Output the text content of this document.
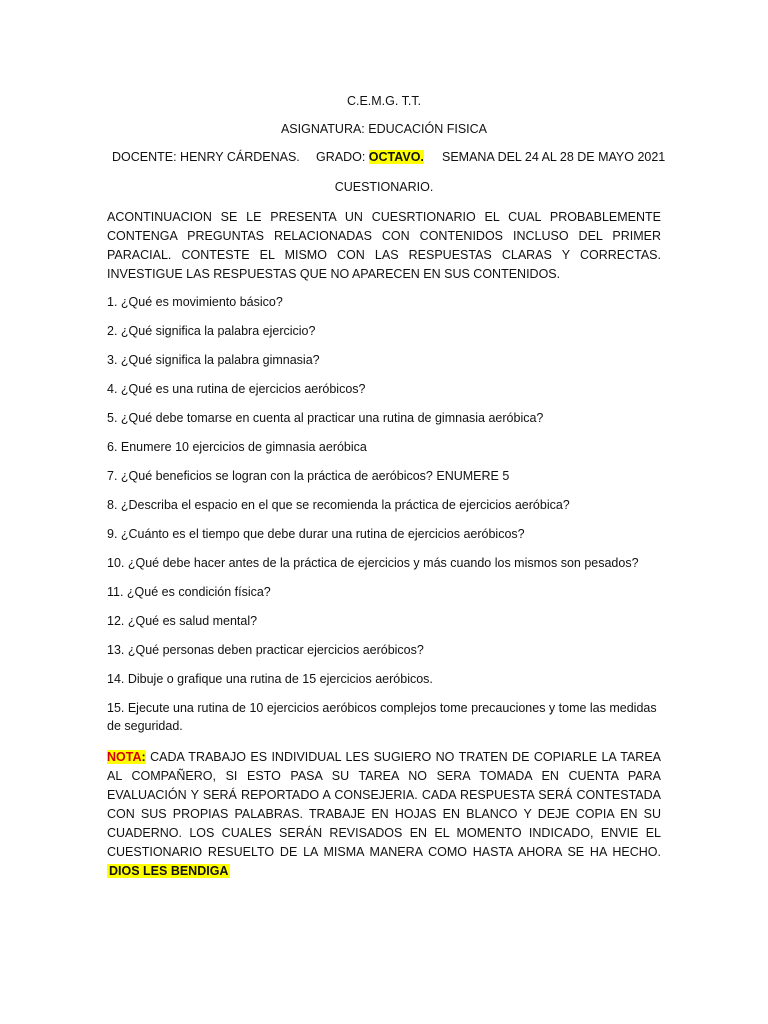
C.E.M.G. T.T.
ASIGNATURA: EDUCACIÓN FISICA
DOCENTE: HENRY CÁRDENAS. GRADO: OCTAVO. SEMANA DEL 24 AL 28 DE MAYO 2021
CUESTIONARIO.

ACONTINUACION SE LE PRESENTA UN CUESRTIONARIO EL CUAL PROBABLEMENTE CONTENGA PREGUNTAS RELACIONADAS CON CONTENIDOS INCLUSO DEL PRIMER PARACIAL. CONTESTE EL MISMO CON LAS RESPUESTAS CLARAS Y CORRECTAS. INVESTIGUE LAS RESPUESTAS QUE NO APARECEN EN SUS CONTENIDOS.

1. ¿Qué es movimiento básico?
2. ¿Qué significa la palabra ejercicio?
3. ¿Qué significa la palabra gimnasia?
4. ¿Qué es una rutina de ejercicios aeróbicos?
5. ¿Qué debe tomarse en cuenta al practicar una rutina de gimnasia aeróbica?
6. Enumere 10 ejercicios de gimnasia aeróbica
7. ¿Qué beneficios se logran con la práctica de aeróbicos? ENUMERE 5
8. ¿Describa el espacio en el que se recomienda la práctica de ejercicios aeróbica?
9. ¿Cuánto es el tiempo que debe durar una rutina de ejercicios aeróbicos?
10. ¿Qué debe hacer antes de la práctica de ejercicios y más cuando los mismos son pesados?
11. ¿Qué es condición física?
12. ¿Qué es salud mental?
13. ¿Qué personas deben practicar ejercicios aeróbicos?
14. Dibuje o grafique una rutina de 15 ejercicios aeróbicos.
15. Ejecute una rutina de 10 ejercicios aeróbicos complejos tome precauciones y tome las medidas de seguridad.
NOTA: CADA TRABAJO ES INDIVIDUAL LES SUGIERO NO TRATEN DE COPIARLE LA TAREA AL COMPAÑERO, SI ESTO PASA SU TAREA NO SERA TOMADA EN CUENTA PARA EVALUACIÓN Y SERÁ REPORTADO A CONSEJERIA. CADA RESPUESTA SERÁ CONTESTADA CON SUS PROPIAS PALABRAS. TRABAJE EN HOJAS EN BLANCO Y DEJE COPIA EN SU CUADERNO. LOS CUALES SERÁN REVISADOS EN EL MOMENTO INDICADO, ENVIE EL CUESTIONARIO RESUELTO DE LA MISMA MANERA COMO HASTA AHORA SE HA HECHO. DIOS LES BENDIGA
